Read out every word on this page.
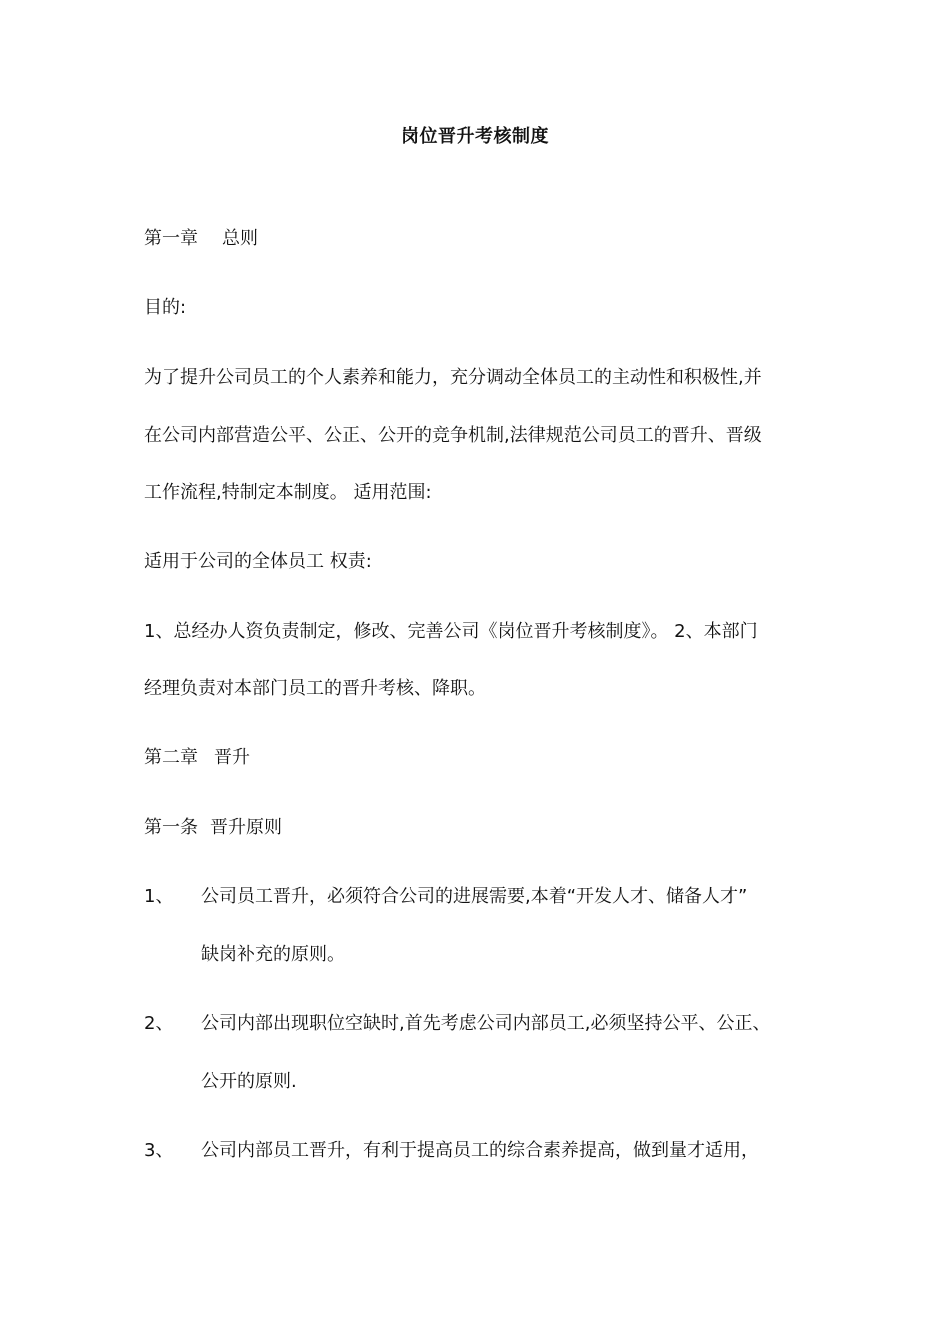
岗位晋升考核制度
第一章 总则
目的:
为了提升公司员工的个人素养和能力，充分调动全体员工的主动性和积极性,并
在公司内部营造公平、公正、公开的竞争机制,法律规范公司员工的晋升、晋级
工作流程,特制定本制度。 适用范围:
适用于公司的全体员工 权责:
1、总经办人资负责制定，修改、完善公司《岗位晋升考核制度》。 2、本部门
经理负责对本部门员工的晋升考核、降职。
第二章 晋升
第一条 晋升原则
1、 公司员工晋升，必须符合公司的进展需要,本着“开发人才、储备人才”
缺岗补充的原则。
2、 公司内部出现职位空缺时,首先考虑公司内部员工,必须坚持公平、公正、
公开的原则.
3、 公司内部员工晋升，有利于提高员工的综合素养提高，做到量才适用，
